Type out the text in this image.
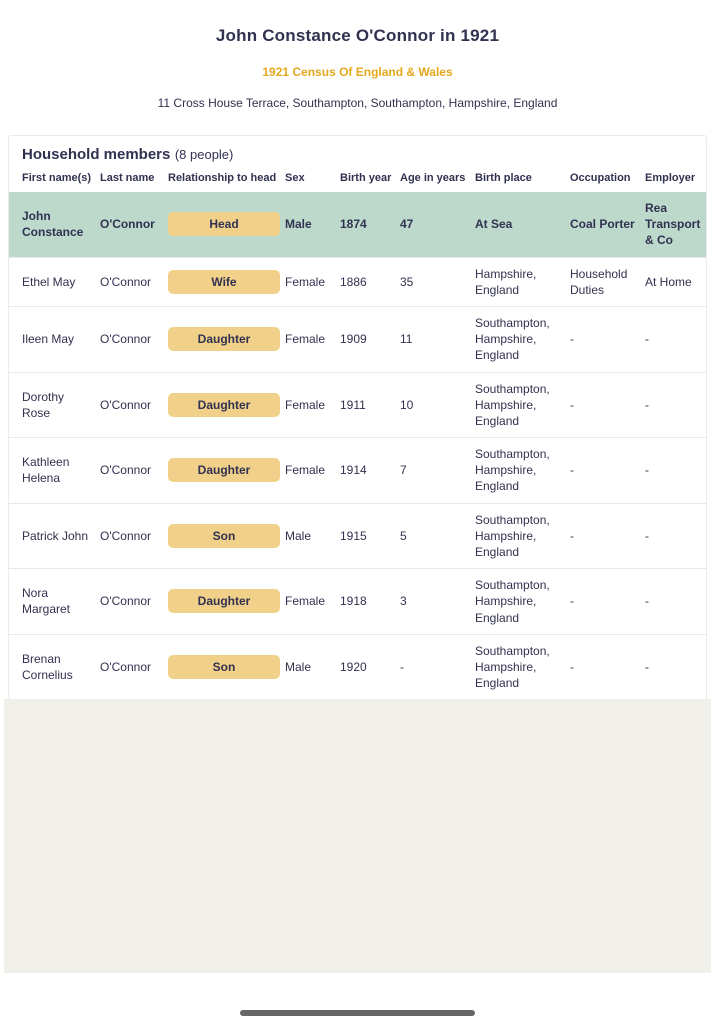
John Constance O'Connor in 1921
1921 Census Of England & Wales
11 Cross House Terrace, Southampton, Southampton, Hampshire, England
Household members (8 people)
First name(s)	Last name	Relationship to head	Sex	Birth year	Age in years	Birth place	Occupation	Employer
John Constance	O'Connor	Head	Male	1874	47	At Sea	Coal Porter	Rea Transport & Co
Ethel May	O'Connor	Wife	Female	1886	35	Hampshire, England	Household Duties	At Home
Ileen May	O'Connor	Daughter	Female	1909	11	Southampton, Hampshire, England	-	-
Dorothy Rose	O'Connor	Daughter	Female	1911	10	Southampton, Hampshire, England	-	-
Kathleen Helena	O'Connor	Daughter	Female	1914	7	Southampton, Hampshire, England	-	-
Patrick John	O'Connor	Son	Male	1915	5	Southampton, Hampshire, England	-	-
Nora Margaret	O'Connor	Daughter	Female	1918	3	Southampton, Hampshire, England	-	-
Brenan Cornelius	O'Connor	Son	Male	1920	-	Southampton, Hampshire, England	-	-
